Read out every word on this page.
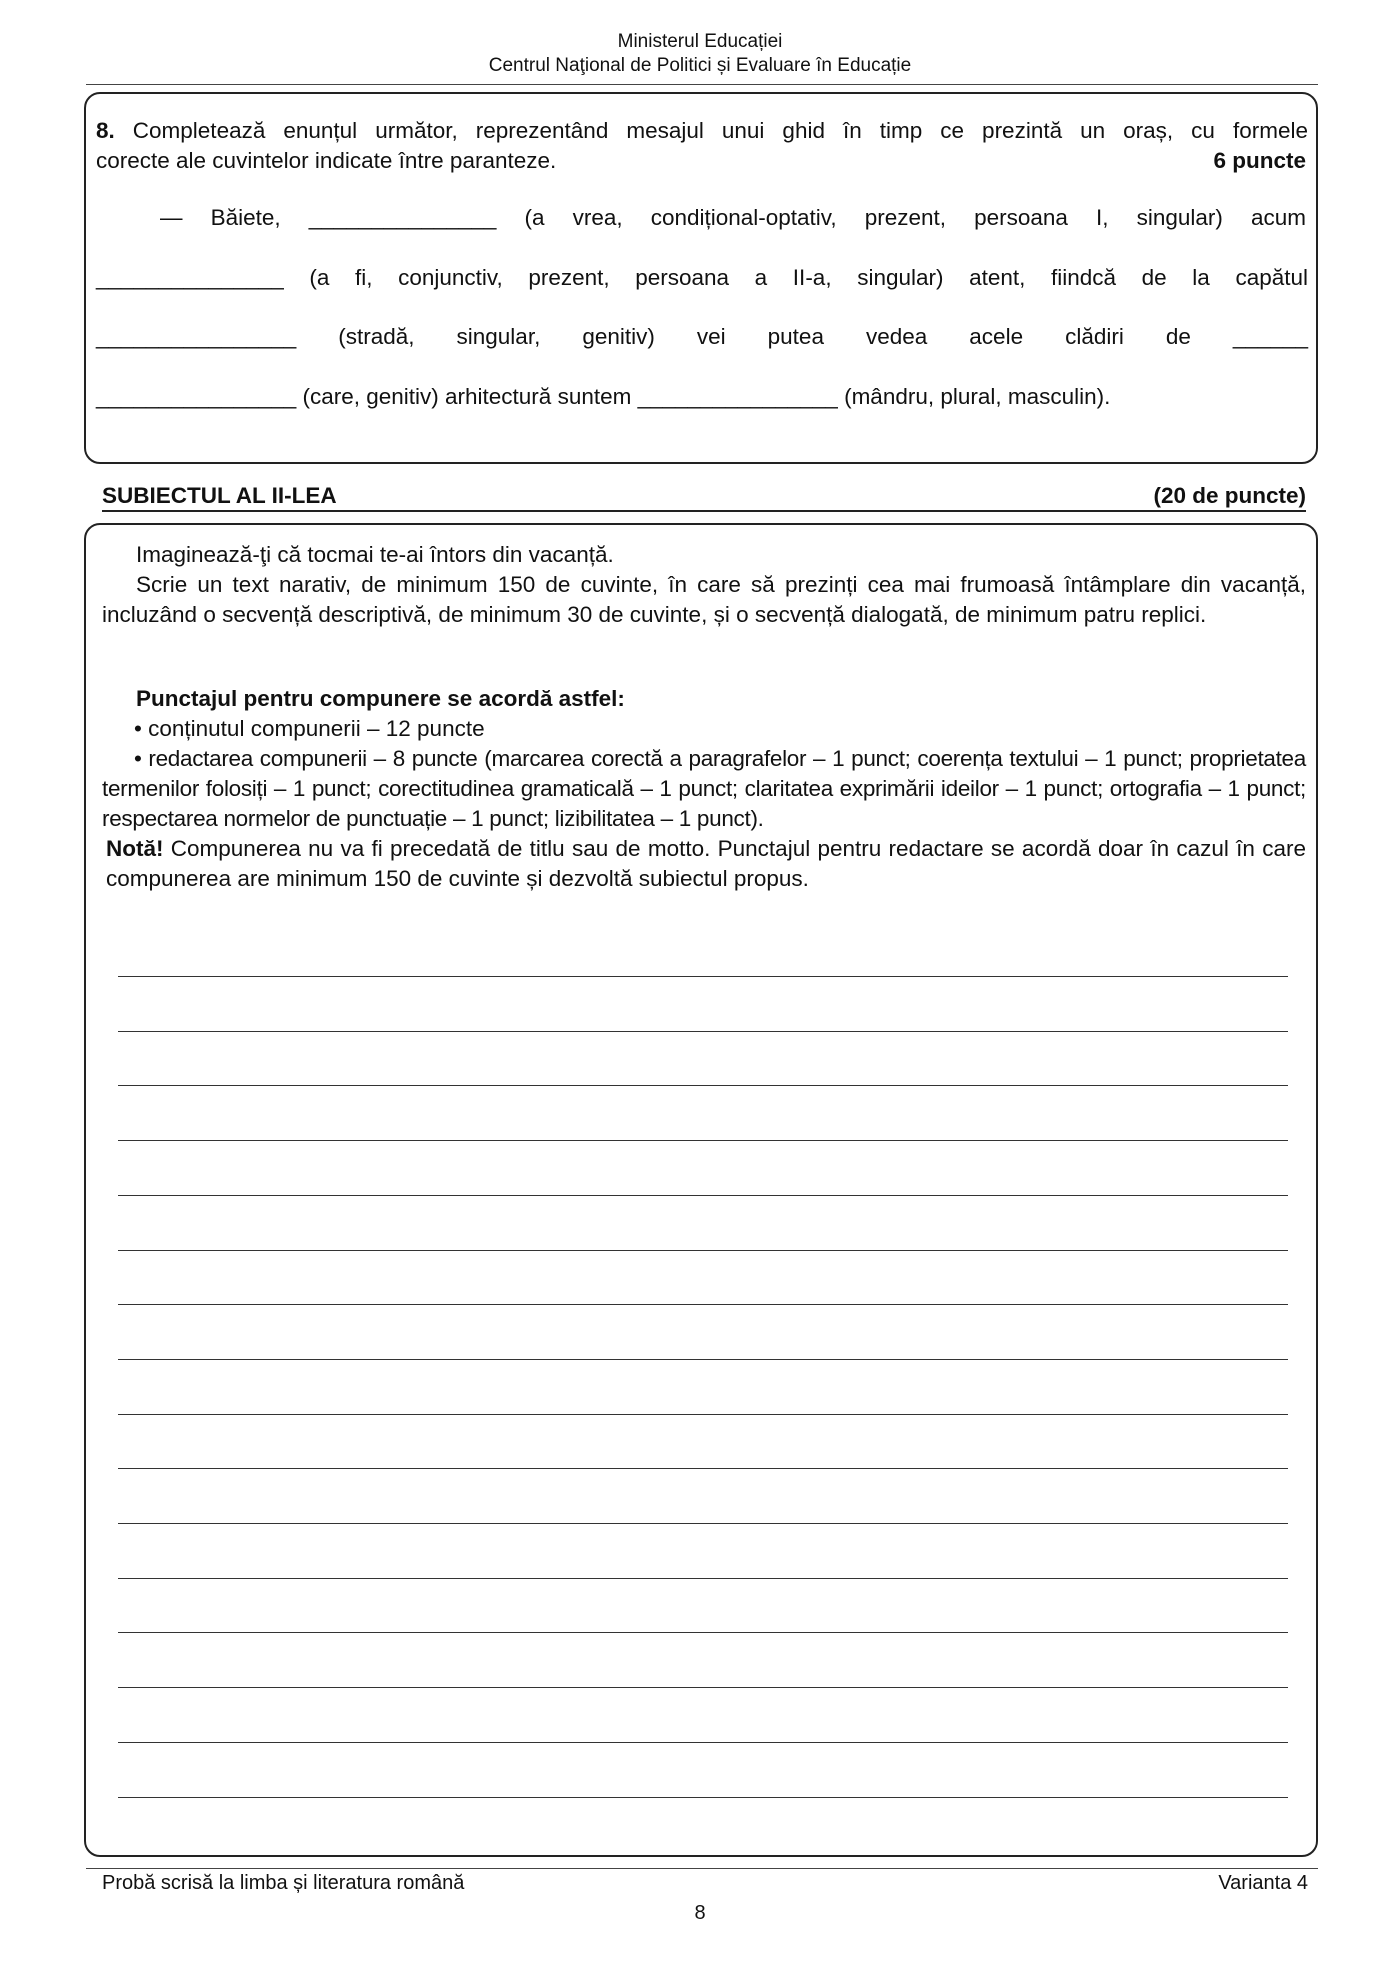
Ministerul Educației
Centrul Naţional de Politici și Evaluare în Educație
8. Completează enunțul următor, reprezentând mesajul unui ghid în timp ce prezintă un oraș, cu formele
corecte ale cuvintelor indicate între paranteze.	6 puncte
— Băiete, _______________ (a vrea, condițional-optativ, prezent, persoana I, singular) acum
_______________ (a fi, conjunctiv, prezent, persoana a II-a, singular) atent, fiindcă de la capătul
________________ (stradă, singular, genitiv) vei putea vedea acele clădiri de ______
________________ (care, genitiv) arhitectură suntem ________________ (mândru, plural, masculin).
SUBIECTUL AL II-LEA	(20 de puncte)
Imaginează-ţi că tocmai te-ai întors din vacanță.
Scrie un text narativ, de minimum 150 de cuvinte, în care să prezinți cea mai frumoasă întâmplare din vacanță, incluzând o secvență descriptivă, de minimum 30 de cuvinte, și o secvență dialogată, de minimum patru replici.
Punctajul pentru compunere se acordă astfel:
• conținutul compunerii – 12 puncte
• redactarea compunerii – 8 puncte (marcarea corectă a paragrafelor – 1 punct; coerența textului – 1 punct; proprietatea termenilor folosiți – 1 punct; corectitudinea gramaticală – 1 punct; claritatea exprimării ideilor – 1 punct; ortografia – 1 punct; respectarea normelor de punctuație – 1 punct; lizibilitatea – 1 punct).
Notă! Compunerea nu va fi precedată de titlu sau de motto. Punctajul pentru redactare se acordă doar în cazul în care compunerea are minimum 150 de cuvinte și dezvoltă subiectul propus.
Probă scrisă la limba și literatura română	Varianta 4
8
